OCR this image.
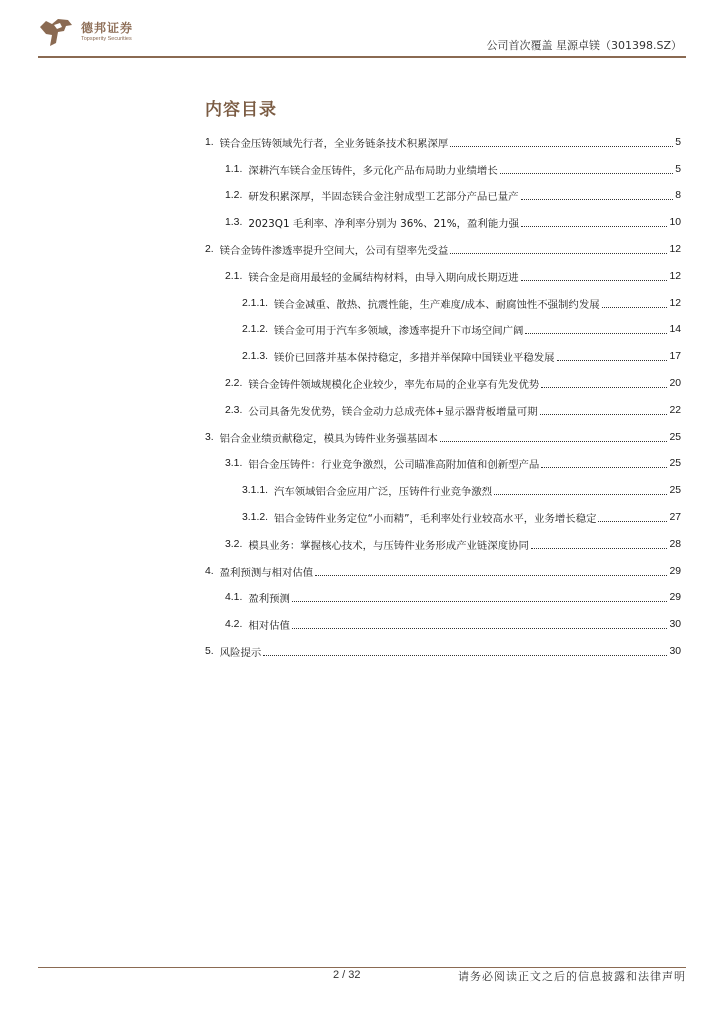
德邦证券
Topsperity Securities	公司首次覆盖 星源卓镁（301398.SZ）
内容目录
1. 镁合金压铸领域先行者，全业务链条技术积累深厚	5
1.1. 深耕汽车镁合金压铸件，多元化产品布局助力业绩增长	5
1.2. 研发积累深厚，半固态镁合金注射成型工艺部分产品已量产	8
1.3. 2023Q1 毛利率、净利率分别为 36%、21%，盈利能力强	10
2. 镁合金铸件渗透率提升空间大，公司有望率先受益	12
2.1. 镁合金是商用最轻的金属结构材料，由导入期向成长期迈进	12
2.1.1. 镁合金减重、散热、抗震性能，生产难度/成本、耐腐蚀性不强制约发展	12
2.1.2. 镁合金可用于汽车多领域，渗透率提升下市场空间广阔	14
2.1.3. 镁价已回落并基本保持稳定，多措并举保障中国镁业平稳发展	17
2.2. 镁合金铸件领域规模化企业较少，率先布局的企业享有先发优势	20
2.3. 公司具备先发优势，镁合金动力总成壳体+显示器背板增量可期	22
3. 铝合金业绩贡献稳定，模具为铸件业务强基固本	25
3.1. 铝合金压铸件：行业竞争激烈，公司瞄准高附加值和创新型产品	25
3.1.1. 汽车领域铝合金应用广泛，压铸件行业竞争激烈	25
3.1.2. 铝合金铸件业务定位“小而精”，毛利率处行业较高水平，业务增长稳定	27
3.2. 模具业务：掌握核心技术，与压铸件业务形成产业链深度协同	28
4. 盈利预测与相对估值	29
4.1. 盈利预测	29
4.2. 相对估值	30
5. 风险提示	30
2 / 32	请务必阅读正文之后的信息披露和法律声明
